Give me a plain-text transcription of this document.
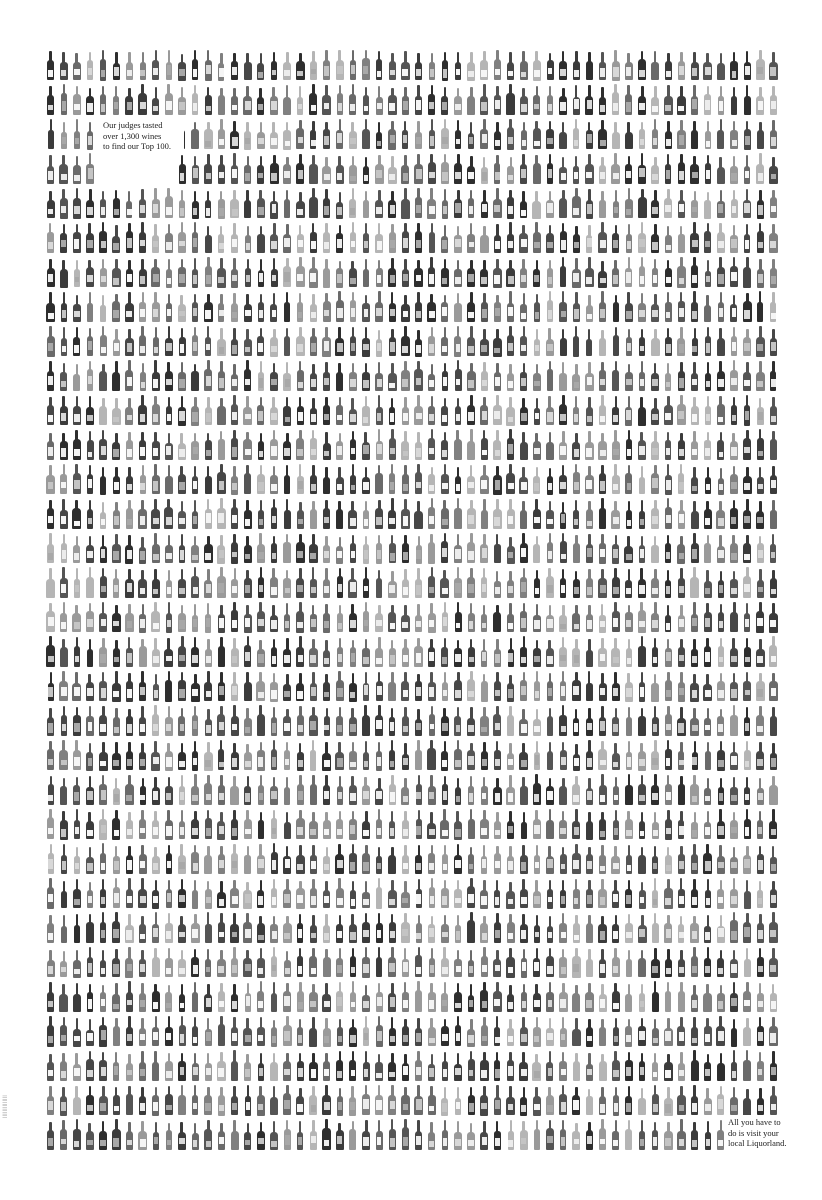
Our judges tasted
over 1,300 wines
to find our Top 100.
All you have to
do is visit your
local Liquorland.
||||||||||||||
